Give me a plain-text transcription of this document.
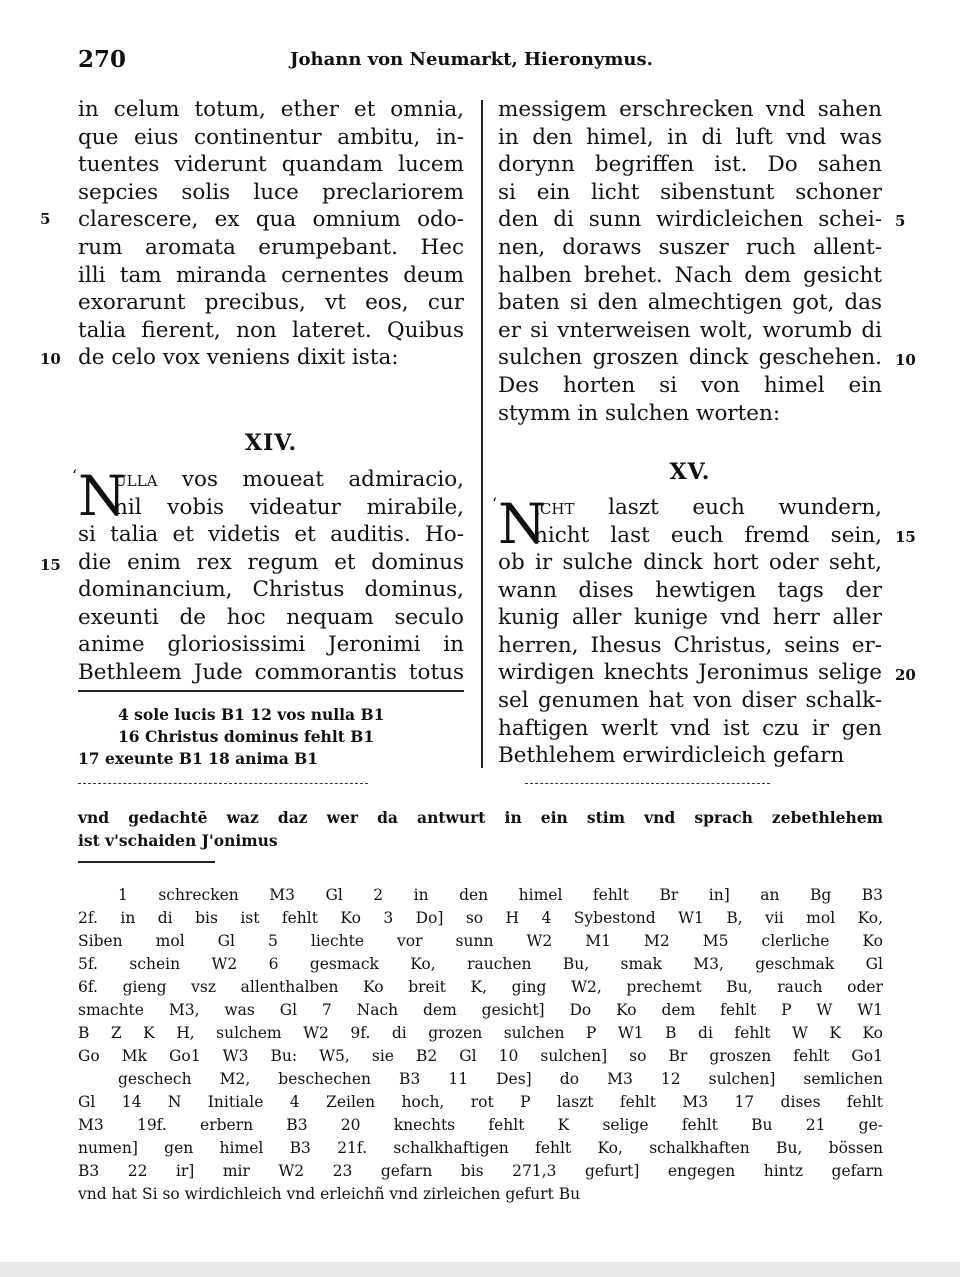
270	Johann von Neumarkt, Hieronymus.
in celum totum, ether et omnia,
que eius continentur ambitu, in-
tuentes viderunt quandam lucem
sepcies solis luce preclariorem
clarescere, ex qua omnium odo-
rum aromata erumpebant. Hec
illi tam miranda cernentes deum
exorarunt precibus, vt eos, cur
talia fierent, non lateret. Quibus
de celo vox veniens dixit ista:
XIV.
‘ N
ulla vos moueat admiracio,
nil vobis videatur mirabile,
si talia et videtis et auditis. Ho-
die enim rex regum et dominus
dominancium, Christus dominus,
exeunti de hoc nequam seculo
anime gloriosissimi Jeronimi in
Bethleem Jude commorantis totus
4 sole lucis B1 12 vos nulla B1
16 Christus dominus fehlt B1
17 exeunte B1 18 anima B1
messigem erschrecken vnd sahen
in den himel, in di luft vnd was
dorynn begriffen ist. Do sahen
si ein licht sibenstunt schoner
den di sunn wirdicleichen schei-
nen, doraws suszer ruch allent-
halben brehet. Nach dem gesicht
baten si den almechtigen got, das
er si vnterweisen wolt, worumb di
sulchen groszen dinck geschehen.
Des horten si von himel ein
stymm in sulchen worten:
XV.
‘ N
icht laszt euch wundern,
nicht last euch fremd sein,
ob ir sulche dinck hort oder seht,
wann dises hewtigen tags der
kunig aller kunige vnd herr aller
herren, Ihesus Christus, seins er-
wirdigen knechts Jeronimus selige
sel genumen hat von diser schalk-
haftigen werlt vnd ist czu ir gen
Bethlehem erwirdicleich gefarn
5
10
15
5
10
15
20
vnd gedachtē waz daz wer da antwurt in ein stim vnd sprach zebethlehem
ist v'schaiden J'onimus
1 schrecken M3 Gl 2 in den himel fehlt Br in] an Bg B3
2f. in di bis ist fehlt Ko 3 Do] so H 4 Sybestond W1 B, vii mol Ko,
Siben mol Gl 5 liechte vor sunn W2 M1 M2 M5 clerliche Ko
5f. schein W2 6 gesmack Ko, rauchen Bu, smak M3, geschmak Gl
6f. gieng vsz allenthalben Ko breit K, ging W2, prechemt Bu, rauch oder
smachte M3, was Gl 7 Nach dem gesicht] Do Ko dem fehlt P W W1
B Z K H, sulchem W2 9f. di grozen sulchen P W1 B di fehlt W K Ko
Go Mk Go1 W3 Bu: W5, sie B2 Gl 10 sulchen] so Br groszen fehlt Go1
geschech M2, beschechen B3 11 Des] do M3 12 sulchen] semlichen
Gl 14 N Initiale 4 Zeilen hoch, rot P laszt fehlt M3 17 dises fehlt
M3 19f. erbern B3 20 knechts fehlt K selige fehlt Bu 21 ge-
numen] gen himel B3 21f. schalkhaftigen fehlt Ko, schalkhaften Bu, bössen
B3 22 ir] mir W2 23 gefarn bis 271,3 gefurt] engegen hintz gefarn
vnd hat Si so wirdichleich vnd erleichñ vnd zirleichen gefurt Bu
